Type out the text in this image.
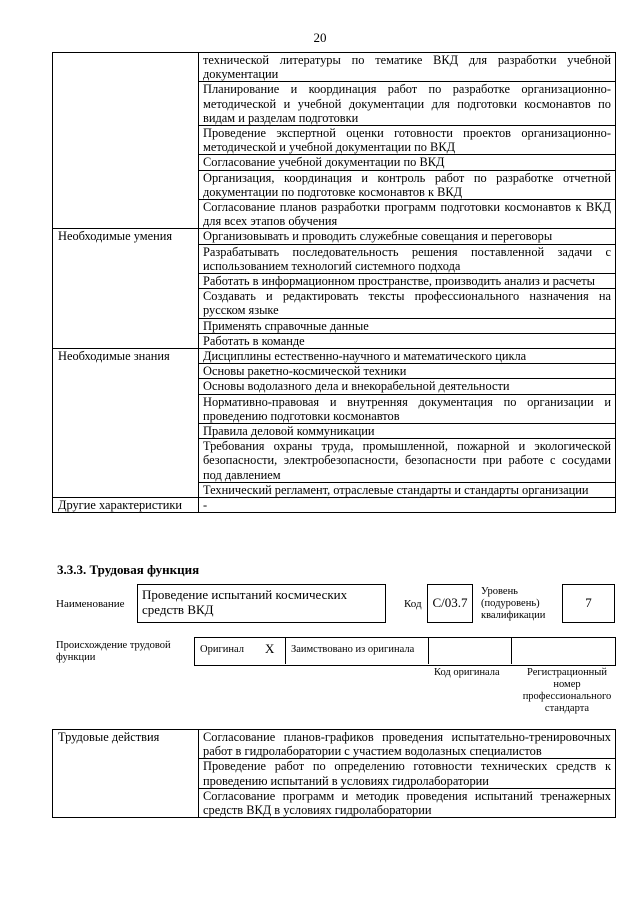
20
	технической литературы по тематике ВКД для разработки учебной документации
	Планирование и координация работ по разработке организационно-методической и учебной документации для подготовки космонавтов по видам и разделам подготовки
	Проведение экспертной оценки готовности проектов организационно-методической и учебной документации по ВКД
	Согласование учебной документации по ВКД
	Организация, координация и контроль работ по разработке отчетной документации по подготовке космонавтов к ВКД
	Согласование планов разработки программ подготовки космонавтов к ВКД для всех этапов обучения
Необходимые умения	Организовывать и проводить служебные совещания и переговоры
	Разрабатывать последовательность решения поставленной задачи с использованием технологий системного подхода
	Работать в информационном пространстве, производить анализ и расчеты
	Создавать и редактировать тексты профессионального назначения на русском языке
	Применять справочные данные
	Работать в команде
Необходимые знания	Дисциплины естественно-научного и математического цикла
	Основы ракетно-космической техники
	Основы водолазного дела и внекорабельной деятельности
	Нормативно-правовая и внутренняя документация по организации и проведению подготовки космонавтов
	Правила деловой коммуникации
	Требования охраны труда, промышленной, пожарной и экологической безопасности, электробезопасности, безопасности при работе с сосудами под давлением
	Технический регламент, отраслевые стандарты и стандарты организации
Другие характеристики	-
3.3.3. Трудовая функция
Наименование
Проведение испытаний космических средств ВКД	Код C/03.7
Уровень (подуровень) квалификации
7
Происхождение трудовой функции
Оригинал X Заимствовано из оригинала
Код оригинала	Регистрационный номер профессионального стандарта
Трудовые действия	Согласование планов-графиков проведения испытательно-тренировочных работ в гидролаборатории с участием водолазных специалистов
	Проведение работ по определению готовности технических средств к проведению испытаний в условиях гидролаборатории
	Согласование программ и методик проведения испытаний тренажерных средств ВКД в условиях гидролаборатории
